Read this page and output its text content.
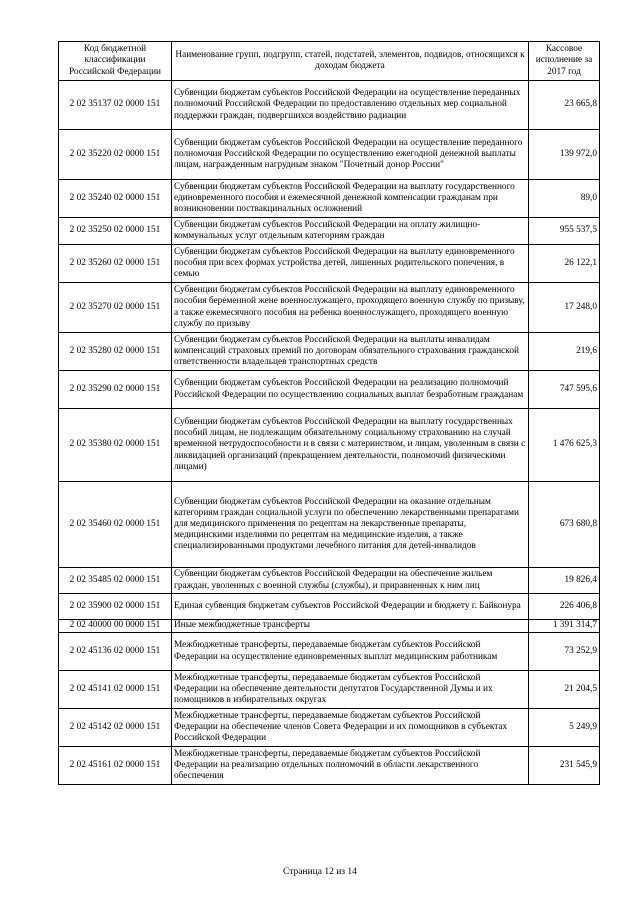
Код бюджетной классификации Российской Федерации	Наименование групп, подгрупп, статей, подстатей, элементов, подвидов, относящихся к доходам бюджета	Кассовое исполнение за 2017 год
2 02 35137 02 0000 151	Субвенции бюджетам субъектов Российской Федерации на осуществление переданных полномочий Российской Федерации по предоставлению отдельных мер социальной поддержки граждан, подвергшихся воздействию радиации	23 665,8
2 02 35220 02 0000 151	Субвенции бюджетам субъектов Российской Федерации на осуществление переданного полномочия Российской Федерации по осуществлению ежегодной денежной выплаты лицам, награжденным нагрудным знаком "Почетный донор России"	139 972,0
2 02 35240 02 0000 151	Субвенции бюджетам субъектов Российской Федерации на выплату государственного единовременного пособия и ежемесячной денежной компенсации гражданам при возникновении поствакцинальных осложнений	89,0
2 02 35250 02 0000 151	Субвенции бюджетам субъектов Российской Федерации на оплату жилищно-коммунальных услуг отдельным категориям граждан	955 537,5
2 02 35260 02 0000 151	Субвенции бюджетам субъектов Российской Федерации на выплату единовременного пособия при всех формах устройства детей, лишенных родительского попечения, в семью	26 122,1
2 02 35270 02 0000 151	Субвенции бюджетам субъектов Российской Федерации на выплату единовременного пособия беременной жене военнослужащего, проходящего военную службу по призыву, а также ежемесячного пособия на ребенка военнослужащего, проходящего военную службу по призыву	17 248,0
2 02 35280 02 0000 151	Субвенции бюджетам субъектов Российской Федерации на выплаты инвалидам компенсаций страховых премий по договорам обязательного страхования гражданской ответственности владельцев транспортных средств	219,6
2 02 35290 02 0000 151	Субвенции бюджетам субъектов Российской Федерации на реализацию полномочий Российской Федерации по осуществлению социальных выплат безработным гражданам	747 595,6
2 02 35380 02 0000 151	Субвенции бюджетам субъектов Российской Федерации на выплату государственных пособий лицам, не подлежащим обязательному социальному страхованию на случай временной нетрудоспособности и в связи с материнством, и лицам, уволенным в связи с ликвидацией организаций (прекращением деятельности, полномочий физическими лицами)	1 476 625,3
2 02 35460 02 0000 151	Субвенции бюджетам субъектов Российской Федерации на оказание отдельным категориям граждан социальной услуги по обеспечению лекарственными препаратами для медицинского применения по рецептам на лекарственные препараты, медицинскими изделиями по рецептам на медицинские изделия, а также специализированными продуктами лечебного питания для детей-инвалидов	673 680,8
2 02 35485 02 0000 151	Субвенции бюджетам субъектов Российской Федерации на обеспечение жильем граждан, уволенных с военной службы (службы), и приравненных к ним лиц	19 826,4
2 02 35900 02 0000 151	Единая субвенция бюджетам субъектов Российской Федерации и бюджету г. Байконура	226 406,8
2 02 40000 00 0000 151	Иные межбюджетные трансферты	1 391 314,7
2 02 45136 02 0000 151	Межбюджетные трансферты, передаваемые бюджетам субъектов Российской Федерации на осуществление единовременных выплат медицинским работникам	73 252,9
2 02 45141 02 0000 151	Межбюджетные трансферты, передаваемые бюджетам субъектов Российской Федерации на обеспечение деятельности депутатов Государственной Думы и их помощников в избирательных округах	21 204,5
2 02 45142 02 0000 151	Межбюджетные трансферты, передаваемые бюджетам субъектов Российской Федерации на обеспечение членов Совета Федерации и их помощников в субъектах Российской Федерации	5 249,9
2 02 45161 02 0000 151	Межбюджетные трансферты, передаваемые бюджетам субъектов Российской Федерации на реализацию отдельных полномочий в области лекарственного обеспечения	231 545,9
Страница 12 из 14
